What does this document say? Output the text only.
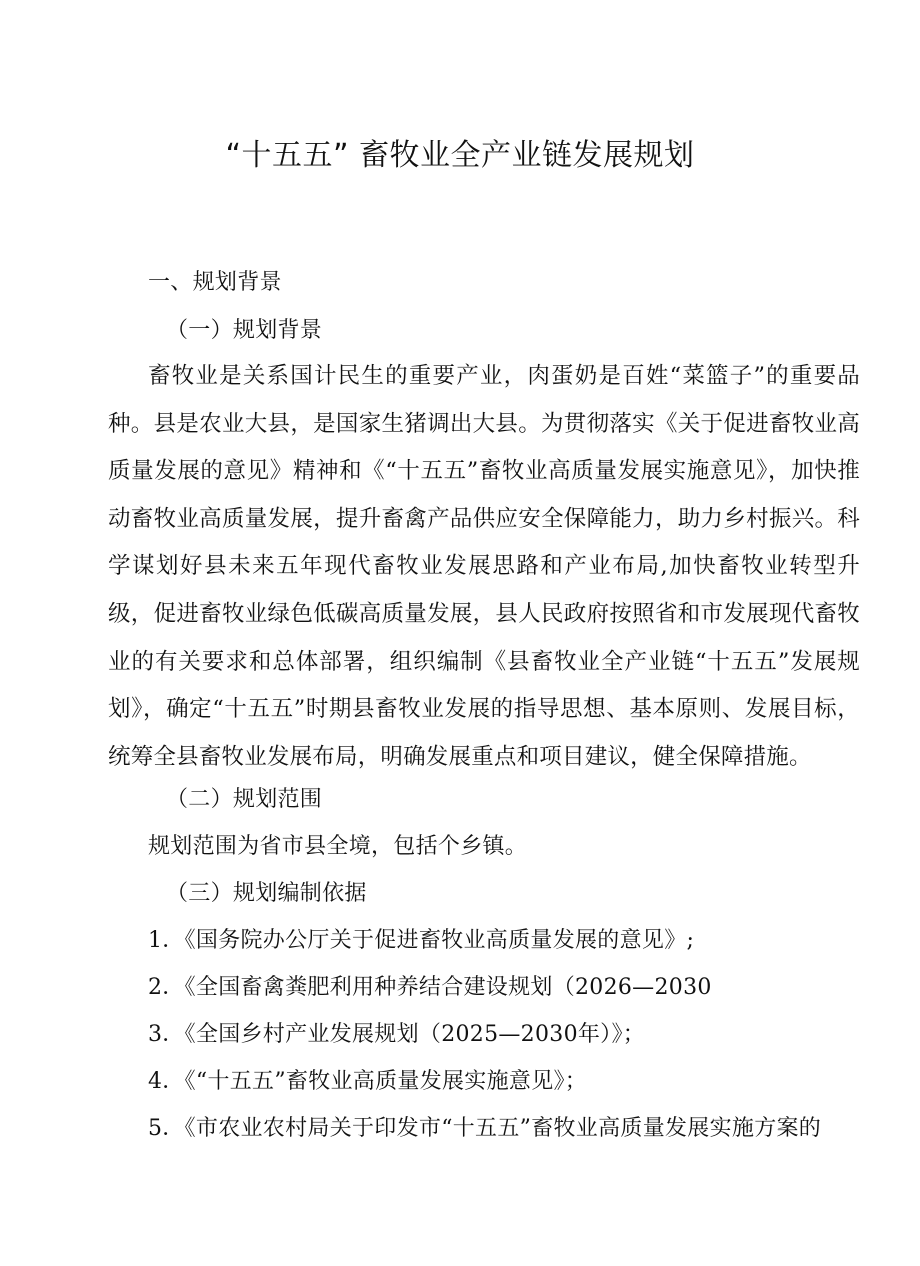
“十五五” 畜牧业全产业链发展规划
一、规划背景
（一）规划背景
畜牧业是关系国计民生的重要产业，肉蛋奶是百姓“菜篮子”的重要品种。县是农业大县，是国家生猪调出大县。为贯彻落实《关于促进畜牧业高质量发展的意见》精神和《“十五五”畜牧业高质量发展实施意见》，加快推动畜牧业高质量发展，提升畜禽产品供应安全保障能力，助力乡村振兴。科学谋划好县未来五年现代畜牧业发展思路和产业布局,加快畜牧业转型升级，促进畜牧业绿色低碳高质量发展，县人民政府按照省和市发展现代畜牧业的有关要求和总体部署，组织编制《县畜牧业全产业链“十五五”发展规划》，确定“十五五”时期县畜牧业发展的指导思想、基本原则、发展目标，统筹全县畜牧业发展布局，明确发展重点和项目建议，健全保障措施。
（二）规划范围
规划范围为省市县全境，包括个乡镇。
（三）规划编制依据
1．《国务院办公厅关于促进畜牧业高质量发展的意见》;
2．《全国畜禽粪肥利用种养结合建设规划（2026—2030
3．《全国乡村产业发展规划（2025—2030年）》；
4．《“十五五”畜牧业高质量发展实施意见》；
5．《市农业农村局关于印发市“十五五”畜牧业高质量发展实施方案的
